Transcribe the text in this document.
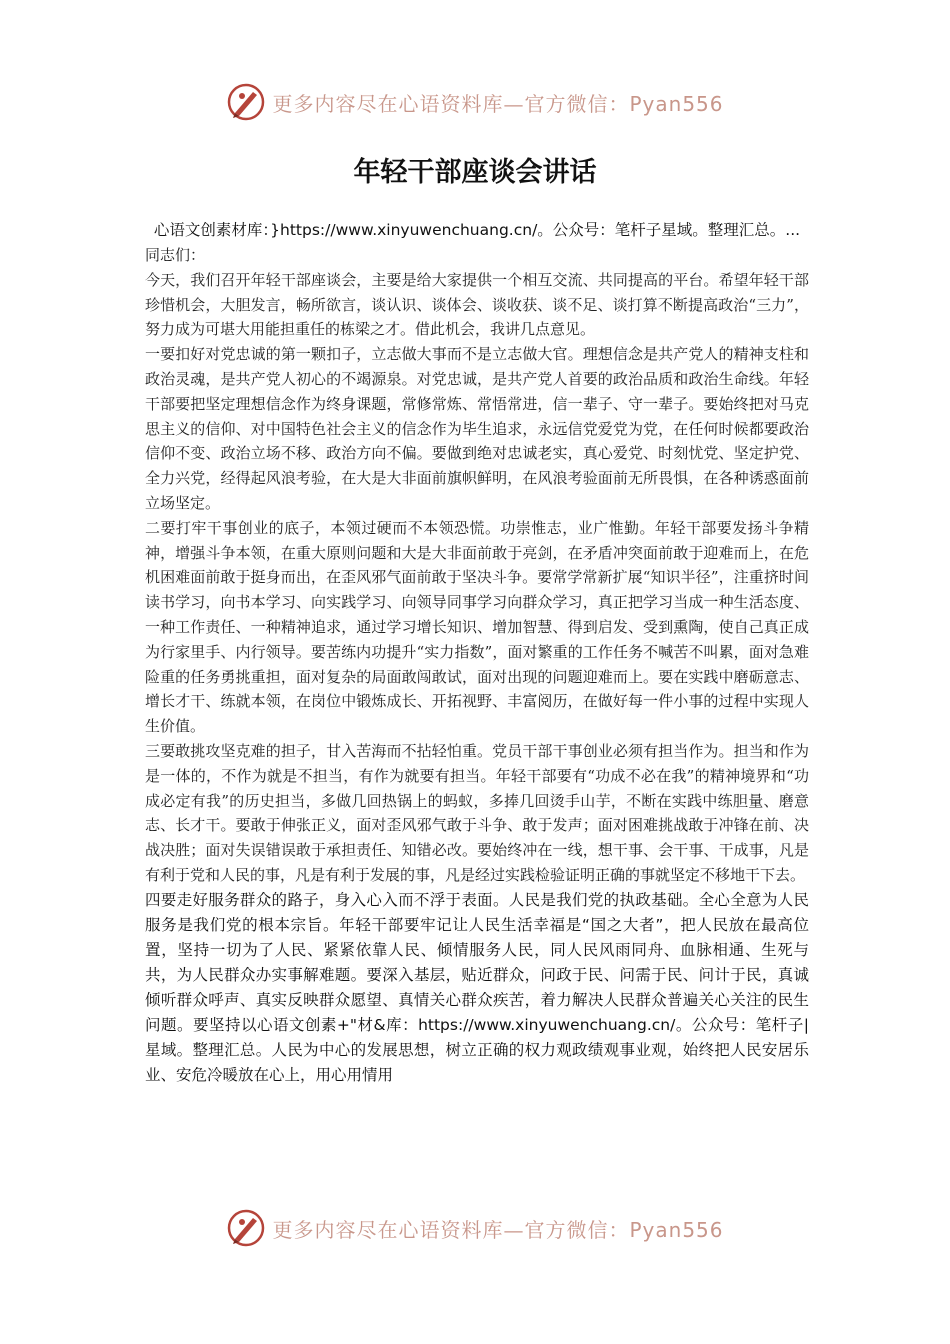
更多内容尽在心语资料库—官方微信：Pyan556
年轻干部座谈会讲话
心语文创素材库：}https://www.xinyuwenchuang.cn/。公众号：笔杆子星域。整理汇总。...

同志们：

今天，我们召开年轻干部座谈会，主要是给大家提供一个相互交流、共同提高的平台。希望年轻干部珍惜机会，大胆发言，畅所欲言，谈认识、谈体会、谈收获、谈不足、谈打算不断提高政治“三力”，努力成为可堪大用能担重任的栋梁之才。借此机会，我讲几点意见。

一要扣好对党忠诚的第一颗扣子，立志做大事而不是立志做大官。理想信念是共产党人的精神支柱和政治灵魂，是共产党人初心的不竭源泉。对党忠诚，是共产党人首要的政治品质和政治生命线。年轻干部要把坚定理想信念作为终身课题，常修常炼、常悟常进，信一辈子、守一辈子。要始终把对马克思主义的信仰、对中国特色社会主义的信念作为毕生追求，永远信党爱党为党，在任何时候都要政治信仰不变、政治立场不移、政治方向不偏。要做到绝对忠诚老实，真心爱党、时刻忧党、坚定护党、全力兴党，经得起风浪考验，在大是大非面前旗帜鲜明，在风浪考验面前无所畏惧，在各种诱惑面前立场坚定。

二要打牢干事创业的底子，本领过硬而不本领恐慌。功崇惟志，业广惟勤。年轻干部要发扬斗争精神，增强斗争本领，在重大原则问题和大是大非面前敢于亮剑，在矛盾冲突面前敢于迎难而上，在危机困难面前敢于挺身而出，在歪风邪气面前敢于坚决斗争。要常学常新扩展“知识半径”，注重挤时间读书学习，向书本学习、向实践学习、向领导同事学习向群众学习，真正把学习当成一种生活态度、一种工作责任、一种精神追求，通过学习增长知识、增加智慧、得到启发、受到熏陶，使自己真正成为行家里手、内行领导。要苦练内功提升“实力指数”，面对繁重的工作任务不喊苦不叫累，面对急难险重的任务勇挑重担，面对复杂的局面敢闯敢试，面对出现的问题迎难而上。要在实践中磨砺意志、增长才干、练就本领，在岗位中锻炼成长、开拓视野、丰富阅历，在做好每一件小事的过程中实现人生价值。

三要敢挑攻坚克难的担子，甘入苦海而不拈轻怕重。党员干部干事创业必须有担当作为。担当和作为是一体的，不作为就是不担当，有作为就要有担当。年轻干部要有“功成不必在我”的精神境界和“功成必定有我”的历史担当，多做几回热锅上的蚂蚁，多捧几回烫手山芋，不断在实践中练胆量、磨意志、长才干。要敢于伸张正义，面对歪风邪气敢于斗争、敢于发声；面对困难挑战敢于冲锋在前、决战决胜；面对失误错误敢于承担责任、知错必改。要始终冲在一线，想干事、会干事、干成事，凡是有利于党和人民的事，凡是有利于发展的事，凡是经过实践检验证明正确的事就坚定不移地干下去。

四要走好服务群众的路子，身入心入而不浮于表面。人民是我们党的执政基础。全心全意为人民服务是我们党的根本宗旨。年轻干部要牢记让人民生活幸福是“国之大者”，把人民放在最高位置，坚持一切为了人民、紧紧依靠人民、倾情服务人民，同人民风雨同舟、血脉相通、生死与共，为人民群众办实事解难题。要深入基层，贴近群众，问政于民、问需于民、问计于民，真诚倾听群众呼声、真实反映群众愿望、真情关心群众疾苦，着力解决人民群众普遍关心关注的民生问题。要坚持以心语文创素+"材&库：https://www.xinyuwenchuang.cn/。公众号：笔杆子|星域。整理汇总。人民为中心的发展思想，树立正确的权力观政绩观事业观，始终把人民安居乐业、安危冷暖放在心上，用心用情用

更多内容尽在心语资料库—官方微信：Pyan556
